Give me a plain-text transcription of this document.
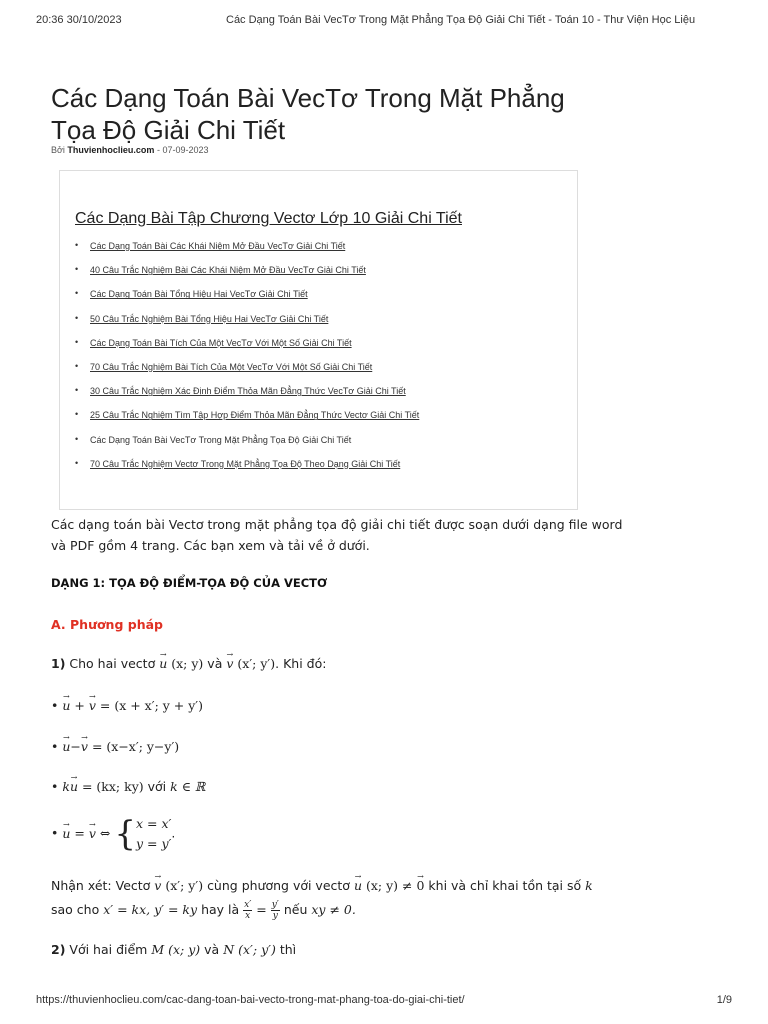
20:36 30/10/2023	Các Dạng Toán Bài VecTơ Trong Mặt Phẳng Tọa Độ Giải Chi Tiết - Toán 10 - Thư Viện Học Liệu
Các Dạng Toán Bài VecTơ Trong Mặt Phẳng Tọa Độ Giải Chi Tiết
Bởi Thuvienhoclieu.com - 07-09-2023
Các Dạng Bài Tập Chương Vectơ Lớp 10 Giải Chi Tiết
• Các Dạng Toán Bài Các Khái Niệm Mở Đầu VecTơ Giải Chi Tiết
• 40 Câu Trắc Nghiệm Bài Các Khái Niệm Mở Đầu VecTơ Giải Chi Tiết
• Các Dạng Toán Bài Tổng Hiệu Hai VecTơ Giải Chi Tiết
• 50 Câu Trắc Nghiệm Bài Tổng Hiệu Hai VecTơ Giải Chi Tiết
• Các Dạng Toán Bài Tích Của Một VecTơ Với Một Số Giải Chi Tiết
• 70 Câu Trắc Nghiệm Bài Tích Của Một VecTơ Với Một Số Giải Chi Tiết
• 30 Câu Trắc Nghiệm Xác Định Điểm Thỏa Mãn Đẳng Thức VecTơ Giải Chi Tiết
• 25 Câu Trắc Nghiệm Tìm Tập Hợp Điểm Thỏa Mãn Đẳng Thức Vectơ Giải Chi Tiết
• Các Dạng Toán Bài VecTơ Trong Mặt Phẳng Tọa Độ Giải Chi Tiết
• 70 Câu Trắc Nghiệm Vectơ Trong Mặt Phẳng Tọa Độ Theo Dạng Giải Chi Tiết

Các dạng toán bài Vectơ trong mặt phẳng tọa độ giải chi tiết được soạn dưới dạng file word

và PDF gồm 4 trang. Các bạn xem và tải về ở dưới.

DẠNG 1: TỌA ĐỘ ĐIỂM-TỌA ĐỘ CỦA VECTƠ
A. Phương pháp

1) Cho hai vectơ → u (x; y) và → v (x′; y′). Khi đó:

• → u + → v = (x + x′; y + y′)

• → u−→ v = (x−x′; y−y′)

• k→ u = (kx; ky) với k ∈ ℝ

• → u = → v ⇔ { x = x′
y = y′
.

Nhận xét: Vectơ → v (x′; y′) cùng phương với vectơ → u (x; y) ≠ → 0 khi và chỉ khai tồn tại số k

sao cho x′ = kx, y′ = ky hay là $\frac{x'}{x} = \frac{y'}{y}$ nếu xy ≠ 0.

2) Với hai điểm M (x; y) và N (x′; y′) thì

https://thuvienhoclieu.com/cac-dang-toan-bai-vecto-trong-mat-phang-toa-do-giai-chi-tiet/	1/9
